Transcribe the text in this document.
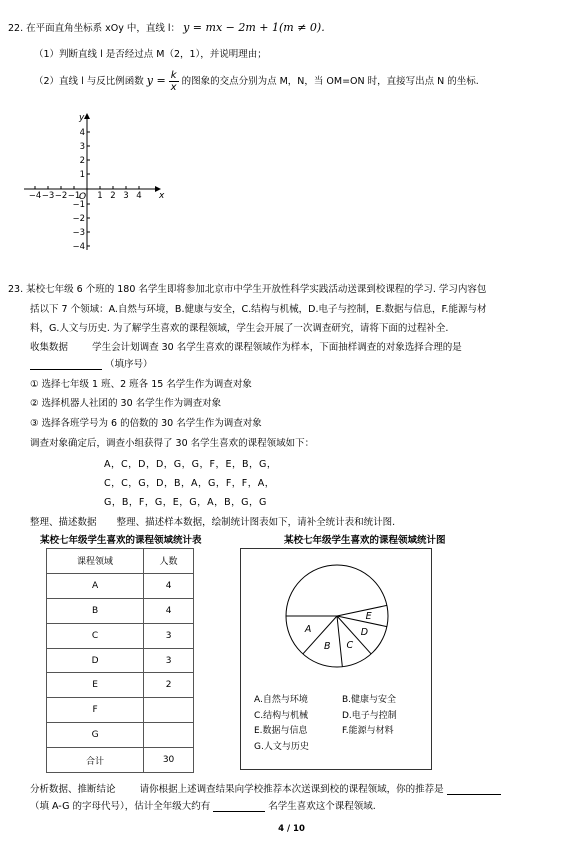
22. 在平面直角坐标系 xOy 中，直线 l： y = mx − 2m + 1(m ≠ 0).
（1）判断直线 l 是否经过点 M（2，1），并说明理由；
（2）直线 l 与反比例函数 $y = \frac{k}{x}$ 的图象的交点分别为点 M，N，当 OM=ON 时，直接写出点 N 的坐标.
−4 −3 −2 −1 1 2 3 4
4
3
2
1
−1
−2
−3
−4
O	x
y
23. 某校七年级 6 个班的 180 名学生即将参加北京市中学生开放性科学实践活动送课到校课程的学习. 学习内容包
括以下 7 个领域：A.自然与环境，B.健康与安全，C.结构与机械，D.电子与控制，E.数据与信息，F.能源与材
料，G.人文与历史. 为了解学生喜欢的课程领域，学生会开展了一次调查研究，请将下面的过程补全.
收集数据	学生会计划调查 30 名学生喜欢的课程领域作为样本，下面抽样调查的对象选择合理的是
（填序号）
① 选择七年级 1 班、2 班各 15 名学生作为调查对象
② 选择机器人社团的 30 名学生作为调查对象
③ 选择各班学号为 6 的倍数的 30 名学生作为调查对象
调查对象确定后，调查小组获得了 30 名学生喜欢的课程领域如下：
A，C，D，D，G，G，F，E，B，G，
C，C，G，D，B，A，G，F，F，A，
G，B，F，G，E，G，A，B，G，G
整理、描述数据 整理、描述样本数据，绘制统计图表如下，请补全统计表和统计图.
某校七年级学生喜欢的课程领域统计表	某校七年级学生喜欢的课程领域统计图
课程领域	人数
A	4
B	4
C	3
D	3
E	2
F	
G	
合计	30
A
B C
D
E
A.自然与环境	B.健康与安全
C.结构与机械	D.电子与控制
E.数据与信息	F.能源与材料
G.人文与历史
分析数据、推断结论	请你根据上述调查结果向学校推荐本次送课到校的课程领域，你的推荐是
（填 A-G 的字母代号），估计全年级大约有	名学生喜欢这个课程领域.
4 / 10
